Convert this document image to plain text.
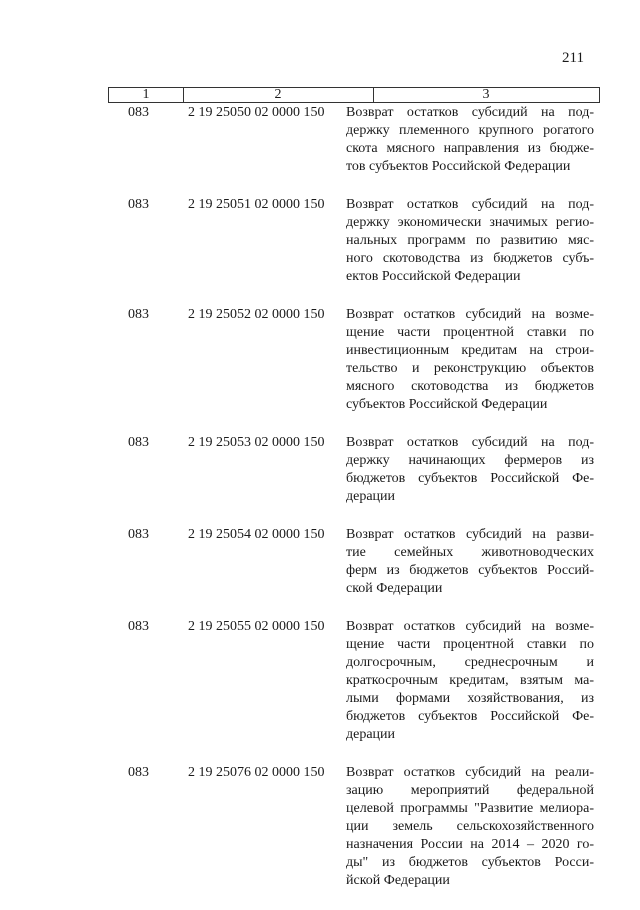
211
1	2	3
083	2 19 25050 02 0000 150	Возврат остатков субсидий на под-
держку племенного крупного рогатого
скота мясного направления из бюдже-
тов субъектов Российской Федерации
083	2 19 25051 02 0000 150	Возврат остатков субсидий на под-
держку экономически значимых регио-
нальных программ по развитию мяс-
ного скотоводства из бюджетов субъ-
ектов Российской Федерации
083	2 19 25052 02 0000 150	Возврат остатков субсидий на возме-
щение части процентной ставки по
инвестиционным кредитам на строи-
тельство и реконструкцию объектов
мясного скотоводства из бюджетов
субъектов Российской Федерации
083	2 19 25053 02 0000 150	Возврат остатков субсидий на под-
держку начинающих фермеров из
бюджетов субъектов Российской Фе-
дерации
083	2 19 25054 02 0000 150	Возврат остатков субсидий на разви-
тие семейных животноводческих
ферм из бюджетов субъектов Россий-
ской Федерации
083	2 19 25055 02 0000 150	Возврат остатков субсидий на возме-
щение части процентной ставки по
долгосрочным, среднесрочным и
краткосрочным кредитам, взятым ма-
лыми формами хозяйствования, из
бюджетов субъектов Российской Фе-
дерации
083	2 19 25076 02 0000 150	Возврат остатков субсидий на реали-
зацию мероприятий федеральной
целевой программы "Развитие мелиора-
ции земель сельскохозяйственного
назначения России на 2014 – 2020 го-
ды" из бюджетов субъектов Росси-
йской Федерации
